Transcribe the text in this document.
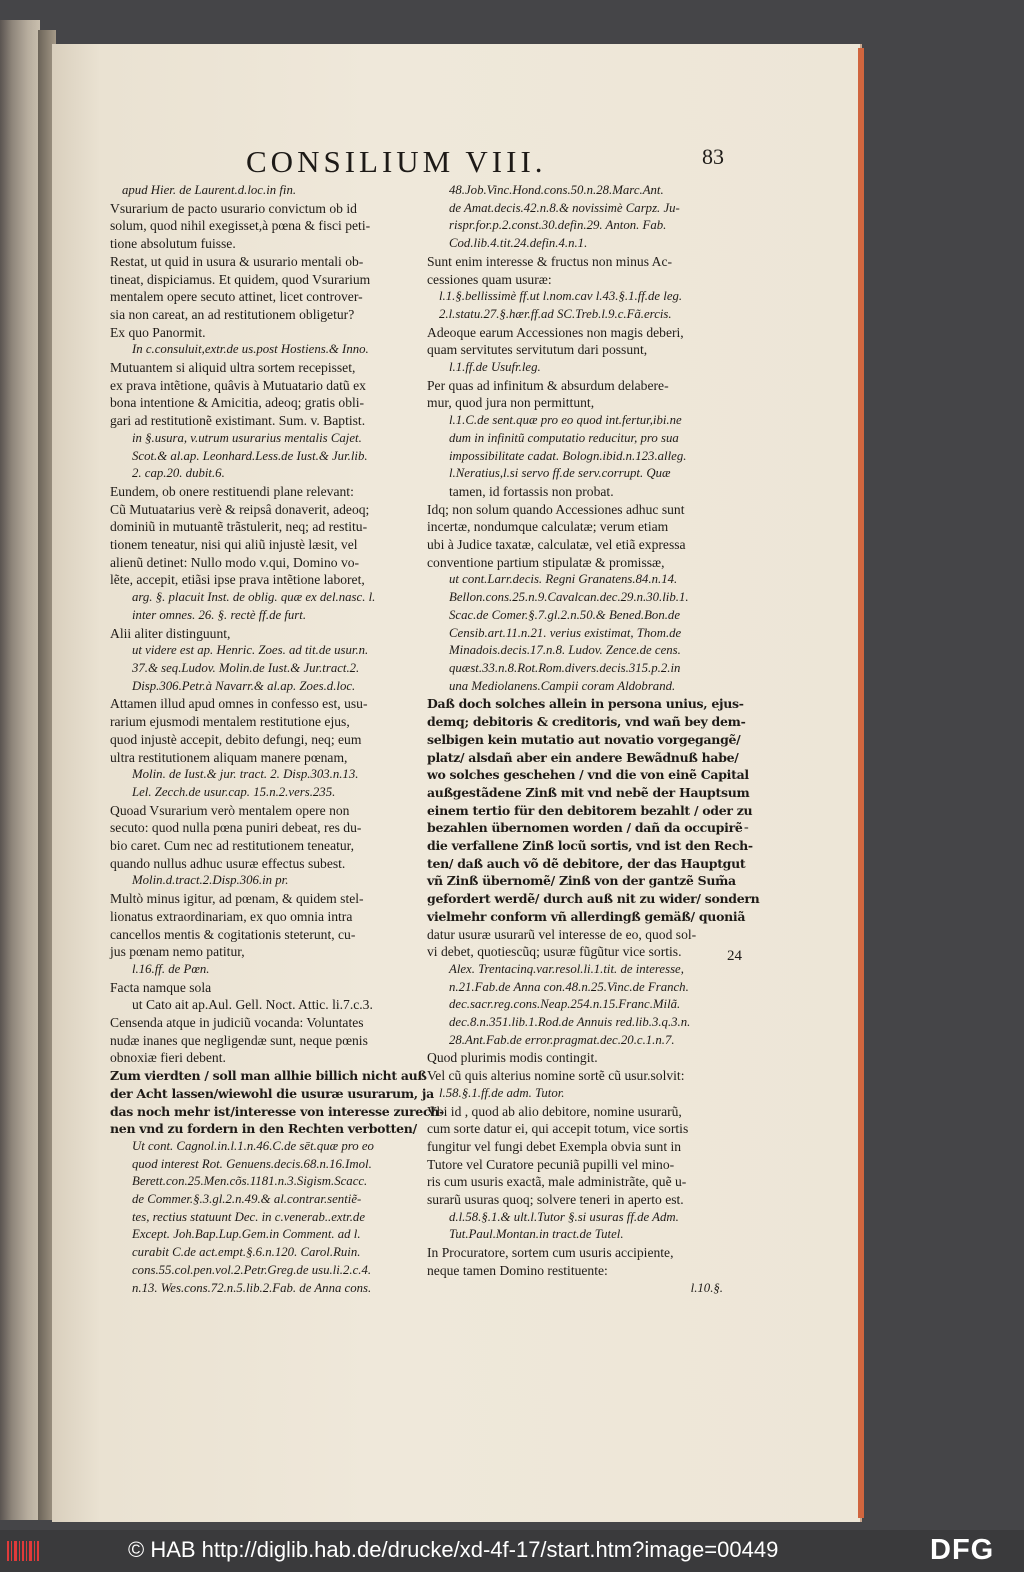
CONSILIUM VIII.	83
apud Hier. de Laurent.d.loc.in fin.
Vsurarium de pacto usurario convictum ob id
solum, quod nihil exegisset,à pœna & fisci peti-
tione absolutum fuisse.
Restat, ut quid in usura & usurario mentali ob-
tineat, dispiciamus. Et quidem, quod Vsurarium
mentalem opere secuto attinet, licet controver-
sia non careat, an ad restitutionem obligetur?
Ex quo Panormit.
In c.consuluit,extr.de us.post Hostiens.& Inno.
Mutuantem si aliquid ultra sortem recepisset,
ex prava intẽtione, quâvis à Mutuatario datũ ex
bona intentione & Amicitia, adeoq; gratis obli-
gari ad restitutionẽ existimant. Sum. v. Baptist.
in §.usura, v.utrum usurarius mentalis Cajet.
Scot.& al.ap. Leonhard.Less.de Iust.& Jur.lib.
2. cap.20. dubit.6.
Eundem, ob onere restituendi plane relevant:
Cũ Mutuatarius verè & reipsâ donaverit, adeoq;
dominiũ in mutuantẽ trãstulerit, neq; ad restitu-
tionem teneatur, nisi qui aliũ injustè læsit, vel
alienũ detinet: Nullo modo v.qui, Domino vo-
lẽte, accepit, etiãsi ipse prava intẽtione laboret,
arg. §. placuit Inst. de oblig. quæ ex del.nasc. l.
inter omnes. 26. §. rectè ff.de furt.
Alii aliter distinguunt,
ut videre est ap. Henric. Zoes. ad tit.de usur.n.
37.& seq.Ludov. Molin.de Iust.& Jur.tract.2.
Disp.306.Petr.à Navarr.& al.ap. Zoes.d.loc.
Attamen illud apud omnes in confesso est, usu-
rarium ejusmodi mentalem restitutione ejus,
quod injustè accepit, debito defungi, neq; eum
ultra restitutionem aliquam manere pœnam,
Molin. de Iust.& jur. tract. 2. Disp.303.n.13.
Lel. Zecch.de usur.cap. 15.n.2.vers.235.
Quoad Vsurarium verò mentalem opere non
secuto: quod nulla pœna puniri debeat, res du-
bio caret. Cum nec ad restitutionem teneatur,
quando nullus adhuc usuræ effectus subest.
Molin.d.tract.2.Disp.306.in pr.
Multò minus igitur, ad pœnam, & quidem stel-
lionatus extraordinariam, ex quo omnia intra
cancellos mentis & cogitationis steterunt, cu-
jus pœnam nemo patitur,
l.16.ff. de Pœn.
Facta namque sola
ut Cato ait ap.Aul. Gell. Noct. Attic. li.7.c.3.
Censenda atque in judiciũ vocanda: Voluntates
nudæ inanes que negligendæ sunt, neque pœnis
obnoxiæ fieri debent.
Zum vierdten / soll man allhie billich nicht auß
der Acht lassen/wiewohl die usuræ usurarum, ja
das noch mehr ist/interesse von interesse zurech-
nen vnd zu fordern in den Rechten verbotten/
Ut cont. Cagnol.in.l.1.n.46.C.de sēt.quæ pro eo
quod interest Rot. Genuens.decis.68.n.16.Imol.
Berett.con.25.Men.cõs.1181.n.3.Sigism.Scacc.
de Commer.§.3.gl.2.n.49.& al.contrar.sentiẽ-
tes, rectius statuunt Dec. in c.venerab..extr.de
Except. Joh.Bap.Lup.Gem.in Comment. ad l.
curabit C.de act.empt.§.6.n.120. Carol.Ruin.
cons.55.col.pen.vol.2.Petr.Greg.de usu.li.2.c.4.
n.13. Wes.cons.72.n.5.lib.2.Fab. de Anna cons.
48.Job.Vinc.Hond.cons.50.n.28.Marc.Ant.
de Amat.decis.42.n.8.& novissimè Carpz. Ju-
rispr.for.p.2.const.30.defin.29. Anton. Fab.
Cod.lib.4.tit.24.defin.4.n.1.
Sunt enim interesse & fructus non minus Ac-
cessiones quam usuræ:
l.1.§.bellissimè ff.ut l.nom.cav l.43.§.1.ff.de leg.
2.l.statu.27.§.hær.ff.ad SC.Treb.l.9.c.Fã.ercis.
Adeoque earum Accessiones non magis deberi,
quam servitutes servitutum dari possunt,
l.1.ff.de Usufr.leg.
Per quas ad infinitum & absurdum delabere-
mur, quod jura non permittunt,
l.1.C.de sent.quæ pro eo quod int.fertur,ibi.ne
dum in infinitũ computatio reducitur, pro sua
impossibilitate cadat. Bologn.ibid.n.123.alleg.
l.Neratius,l.si servo ff.de serv.corrupt. Quæ
tamen, id fortassis non probat.
Idq; non solum quando Accessiones adhuc sunt
incertæ, nondumque calculatæ; verum etiam
ubi à Judice taxatæ, calculatæ, vel etiã expressa
conventione partium stipulatæ & promissæ,
ut cont.Larr.decis. Regni Granatens.84.n.14.
Bellon.cons.25.n.9.Cavalcan.dec.29.n.30.lib.1.
Scac.de Comer.§.7.gl.2.n.50.& Bened.Bon.de
Censib.art.11.n.21. verius existimat, Thom.de
Minadois.decis.17.n.8. Ludov. Zence.de cens.
quæst.33.n.8.Rot.Rom.divers.decis.315.p.2.in
una Mediolanens.Campii coram Aldobrand.
Daß doch solches allein in persona unius, ejus-
demq; debitoris & creditoris, vnd wañ bey dem-
selbigen kein mutatio aut novatio vorgegangẽ/
platz/ alsdañ aber ein andere Bewãdnuß habe/
wo solches geschehen / vnd die von einẽ Capital
außgestãdene Zinß mit vnd nebẽ der Hauptsum
einem tertio für den debitorem bezahlt / oder zu
bezahlen übernomen worden / dañ da occupirẽ
die verfallene Zinß locũ sortis, vnd ist den Rech-
ten/ daß auch võ dẽ debitore, der das Hauptgut
vñ Zinß übernomẽ/ Zinß von der gantzẽ Sum̃a
gefordert werdẽ/ durch auß nit zu wider/ sondern
vielmehr conform vñ allerdingß gemäß/ quoniã
datur usuræ usurarũ vel interesse de eo, quod sol-
vi debet, quotiescũq; usuræ fũgũtur vice sortis.
Alex. Trentacinq.var.resol.li.1.tit. de interesse,
n.21.Fab.de Anna con.48.n.25.Vinc.de Franch.
dec.sacr.reg.cons.Neap.254.n.15.Franc.Milã.
dec.8.n.351.lib.1.Rod.de Annuis red.lib.3.q.3.n.
28.Ant.Fab.de error.pragmat.dec.20.c.1.n.7.
Quod plurimis modis contingit.
Vel cũ quis alterius nomine sortẽ cũ usur.solvit:
l.58.§.1.ff.de adm. Tutor.
Vbi id , quod ab alio debitore, nomine usurarũ,
cum sorte datur ei, qui accepit totum, vice sortis
fungitur vel fungi debet Exempla obvia sunt in
Tutore vel Curatore pecuniã pupilli vel mino-
ris cum usuris exactã, male administrãte, quẽ u-
surarũ usuras quoq; solvere teneri in aperto est.
d.l.58.§.1.& ult.l.Tutor §.si usuras ff.de Adm.
Tut.Paul.Montan.in tract.de Tutel.
In Procuratore, sortem cum usuris accipiente,
neque tamen Domino restituente:
l.10.§.
-
24
© HAB http://diglib.hab.de/drucke/xd-4f-17/start.htm?image=00449	DFG
